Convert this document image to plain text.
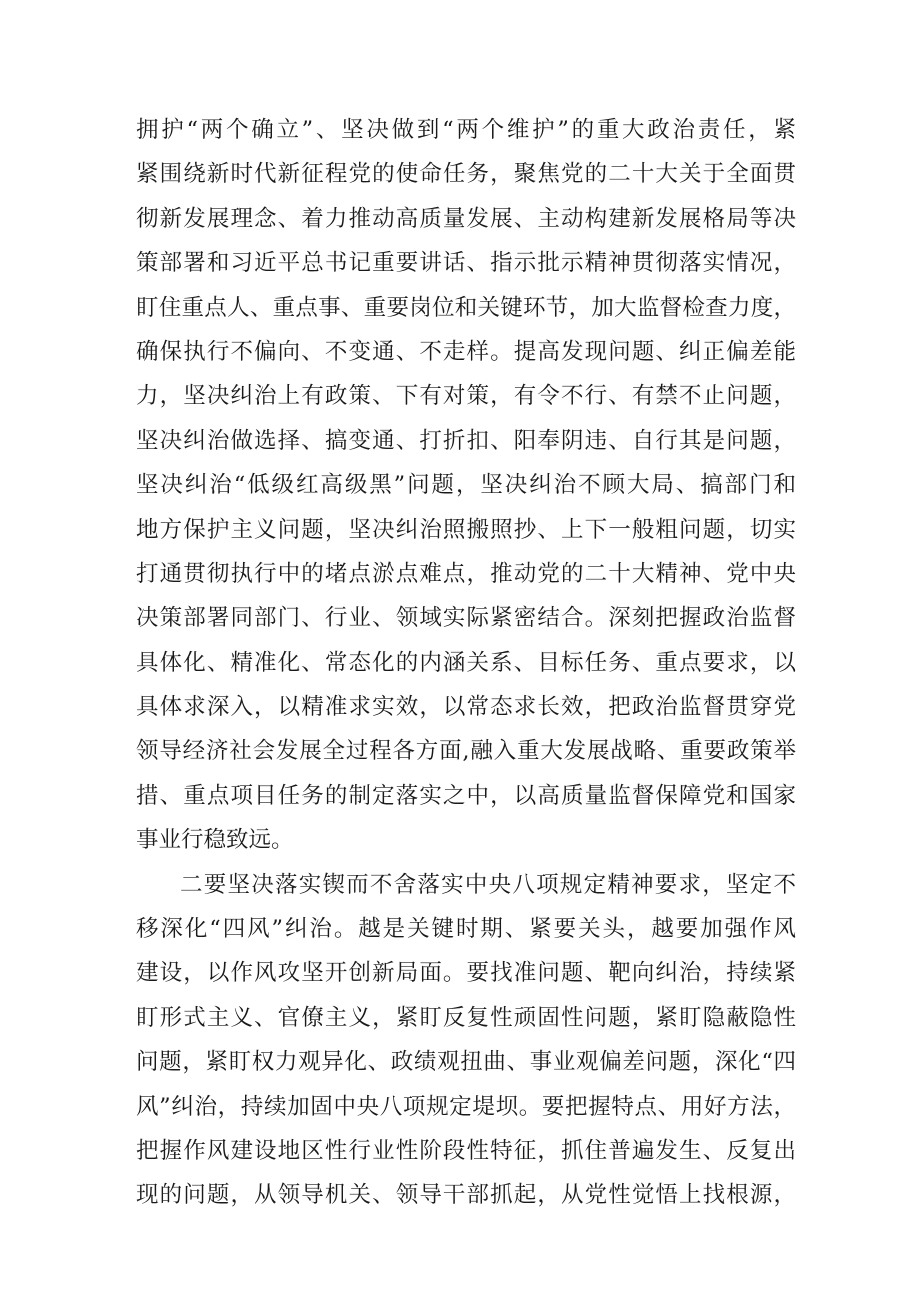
拥护“两个确立”、坚决做到“两个维护”的重大政治责任，紧
紧围绕新时代新征程党的使命任务，聚焦党的二十大关于全面贯
彻新发展理念、着力推动高质量发展、主动构建新发展格局等决
策部署和习近平总书记重要讲话、指示批示精神贯彻落实情况，
盯住重点人、重点事、重要岗位和关键环节，加大监督检查力度，
确保执行不偏向、不变通、不走样。提高发现问题、纠正偏差能
力，坚决纠治上有政策、下有对策，有令不行、有禁不止问题，
坚决纠治做选择、搞变通、打折扣、阳奉阴违、自行其是问题，
坚决纠治“低级红高级黑”问题，坚决纠治不顾大局、搞部门和
地方保护主义问题，坚决纠治照搬照抄、上下一般粗问题，切实
打通贯彻执行中的堵点淤点难点，推动党的二十大精神、党中央
决策部署同部门、行业、领域实际紧密结合。深刻把握政治监督
具体化、精准化、常态化的内涵关系、目标任务、重点要求，以
具体求深入，以精准求实效，以常态求长效，把政治监督贯穿党
领导经济社会发展全过程各方面,融入重大发展战略、重要政策举
措、重点项目任务的制定落实之中，以高质量监督保障党和国家
事业行稳致远。
二要坚决落实锲而不舍落实中央八项规定精神要求，坚定不
移深化“四风”纠治。越是关键时期、紧要关头，越要加强作风
建设，以作风攻坚开创新局面。要找准问题、靶向纠治，持续紧
盯形式主义、官僚主义，紧盯反复性顽固性问题，紧盯隐蔽隐性
问题，紧盯权力观异化、政绩观扭曲、事业观偏差问题，深化“四
风”纠治，持续加固中央八项规定堤坝。要把握特点、用好方法，
把握作风建设地区性行业性阶段性特征，抓住普遍发生、反复出
现的问题，从领导机关、领导干部抓起，从党性觉悟上找根源，
